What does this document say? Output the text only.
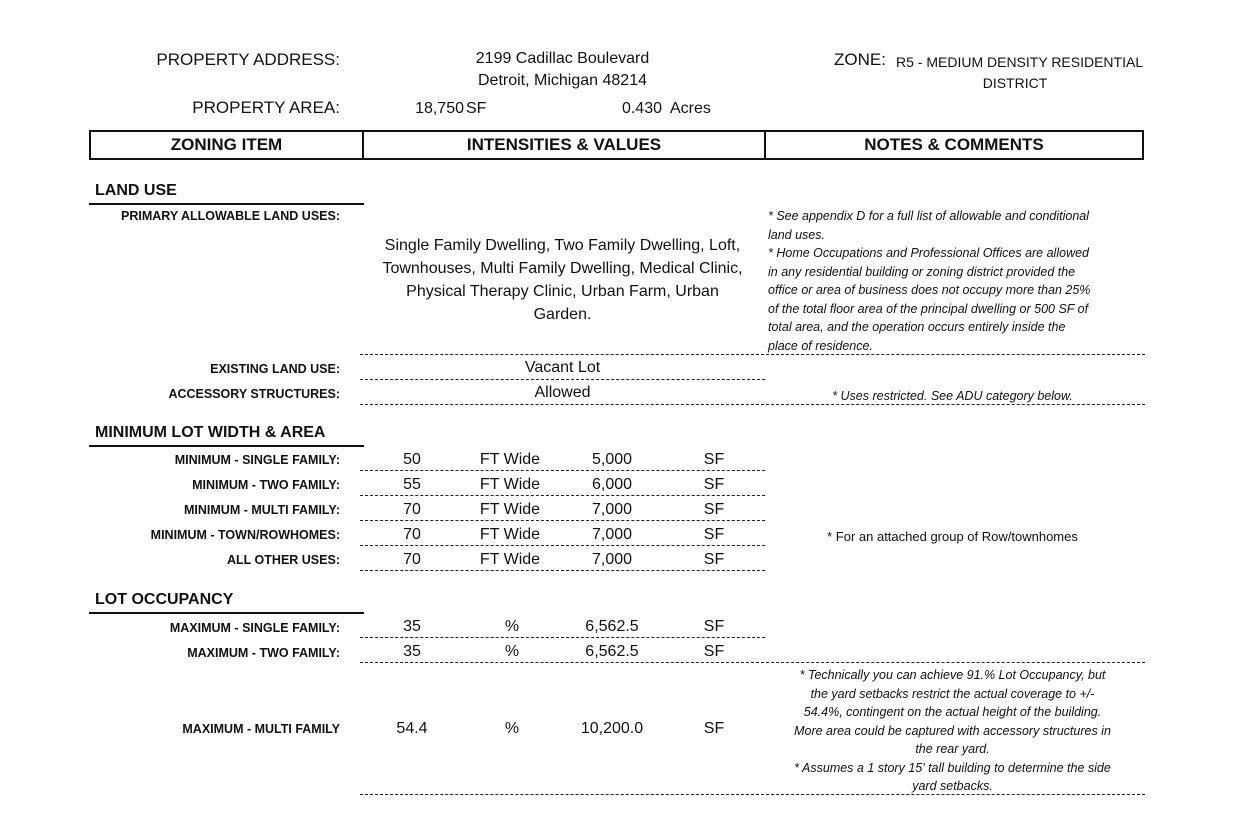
PROPERTY ADDRESS:	2199 Cadillac Boulevard
Detroit, Michigan 48214
ZONE: R5 - MEDIUM DENSITY RESIDENTIAL
DISTRICT
PROPERTY AREA:	18,750 SF	0.430 Acres
ZONING ITEM	INTENSITIES & VALUES	NOTES & COMMENTS
LAND USE
PRIMARY ALLOWABLE LAND USES:
Single Family Dwelling, Two Family Dwelling, Loft,
Townhouses, Multi Family Dwelling, Medical Clinic,
Physical Therapy Clinic, Urban Farm, Urban
Garden.
* See appendix D for a full list of allowable and conditional
land uses.
* Home Occupations and Professional Offices are allowed
in any residential building or zoning district provided the
office or area of business does not occupy more than 25%
of the total floor area of the principal dwelling or 500 SF of
total area, and the operation occurs entirely inside the
place of residence.
EXISTING LAND USE:	Vacant Lot
ACCESSORY STRUCTURES:	Allowed	* Uses restricted. See ADU category below.
MINIMUM LOT WIDTH & AREA
MINIMUM - SINGLE FAMILY:	50	FT Wide	5,000	SF
MINIMUM - TWO FAMILY:	55	FT Wide	6,000	SF
MINIMUM - MULTI FAMILY:	70	FT Wide	7,000	SF
MINIMUM - TOWN/ROWHOMES:	70	FT Wide	7,000	SF
ALL OTHER USES:	70	FT Wide	7,000	SF
* For an attached group of Row/townhomes
LOT OCCUPANCY
MAXIMUM - SINGLE FAMILY:	35	%	6,562.5	SF
MAXIMUM - TWO FAMILY:	35	%	6,562.5	SF
MAXIMUM - MULTI FAMILY	54.4	%	10,200.0	SF
* Technically you can achieve 91.% Lot Occupancy, but
the yard setbacks restrict the actual coverage to +/-
54.4%, contingent on the actual height of the building.
More area could be captured with accessory structures in
the rear yard.
* Assumes a 1 story 15' tall building to determine the side
yard setbacks.
